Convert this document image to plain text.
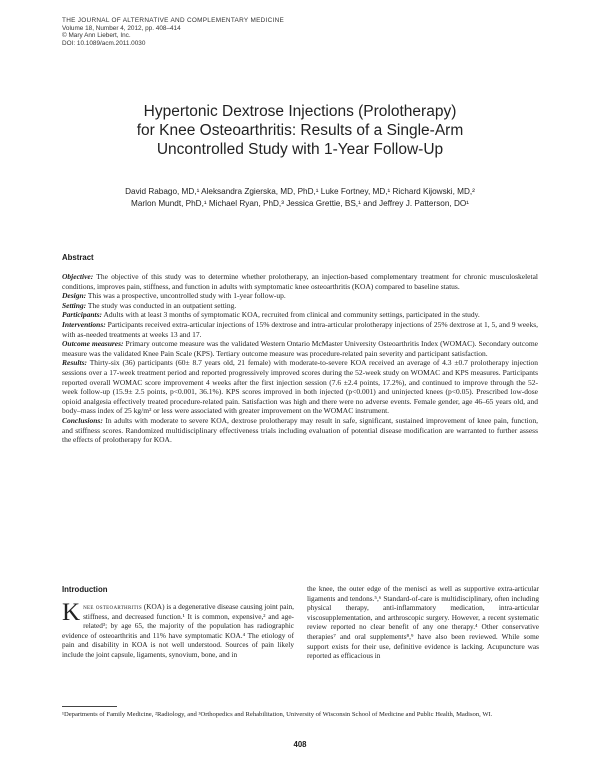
THE JOURNAL OF ALTERNATIVE AND COMPLEMENTARY MEDICINE
Volume 18, Number 4, 2012, pp. 408–414
© Mary Ann Liebert, Inc.
DOI: 10.1089/acm.2011.0030
Hypertonic Dextrose Injections (Prolotherapy)
for Knee Osteoarthritis: Results of a Single-Arm
Uncontrolled Study with 1-Year Follow-Up
David Rabago, MD,¹ Aleksandra Zgierska, MD, PhD,¹ Luke Fortney, MD,¹ Richard Kijowski, MD,²
Marlon Mundt, PhD,¹ Michael Ryan, PhD,³ Jessica Grettie, BS,¹ and Jeffrey J. Patterson, DO¹
Abstract

Objective: The objective of this study was to determine whether prolotherapy, an injection-based complementary treatment for chronic musculoskeletal conditions, improves pain, stiffness, and function in adults with symptomatic knee osteoarthritis (KOA) compared to baseline status.

Design: This was a prospective, uncontrolled study with 1-year follow-up.

Setting: The study was conducted in an outpatient setting.

Participants: Adults with at least 3 months of symptomatic KOA, recruited from clinical and community settings, participated in the study.

Interventions: Participants received extra-articular injections of 15% dextrose and intra-articular prolotherapy injections of 25% dextrose at 1, 5, and 9 weeks, with as-needed treatments at weeks 13 and 17.

Outcome measures: Primary outcome measure was the validated Western Ontario McMaster University Osteoarthritis Index (WOMAC). Secondary outcome measure was the validated Knee Pain Scale (KPS). Tertiary outcome measure was procedure-related pain severity and participant satisfaction.

Results: Thirty-six (36) participants (60± 8.7 years old, 21 female) with moderate-to-severe KOA received an average of 4.3 ±0.7 prolotherapy injection sessions over a 17-week treatment period and reported progressively improved scores during the 52-week study on WOMAC and KPS measures. Participants reported overall WOMAC score improvement 4 weeks after the first injection session (7.6 ±2.4 points, 17.2%), and continued to improve through the 52-week follow-up (15.9± 2.5 points, p<0.001, 36.1%). KPS scores improved in both injected (p<0.001) and uninjected knees (p<0.05). Prescribed low-dose opioid analgesia effectively treated procedure-related pain. Satisfaction was high and there were no adverse events. Female gender, age 46–65 years old, and body–mass index of 25 kg/m² or less were associated with greater improvement on the WOMAC instrument.

Conclusions: In adults with moderate to severe KOA, dextrose prolotherapy may result in safe, significant, sustained improvement of knee pain, function, and stiffness scores. Randomized multidisciplinary effectiveness trials including evaluation of potential disease modification are warranted to further assess the effects of prolotherapy for KOA.

Introduction
Knee osteoarthritis (KOA) is a degenerative disease causing joint pain, stiffness, and decreased function.¹ It is common, expensive,² and age-related³; by age 65, the majority of the population has radiographic evidence of osteoarthritis and 11% have symptomatic KOA.⁴ The etiology of pain and disability in KOA is not well understood. Sources of pain likely include the joint capsule, ligaments, synovium, bone, and in
the knee, the outer edge of the menisci as well as supportive extra-articular ligaments and tendons.⁵,⁶ Standard-of-care is multidisciplinary, often including physical therapy, anti-inflammatory medication, intra-articular viscosupplementation, and arthroscopic surgery. However, a recent systematic review reported no clear benefit of any one therapy.⁴ Other conservative therapies⁷ and oral supplements⁸,⁹ have also been reviewed. While some support exists for their use, definitive evidence is lacking. Acupuncture was reported as efficacious in
¹Departments of Family Medicine, ²Radiology, and ³Orthopedics and Rehabilitation, University of Wisconsin School of Medicine and Public Health, Madison, WI.
408
